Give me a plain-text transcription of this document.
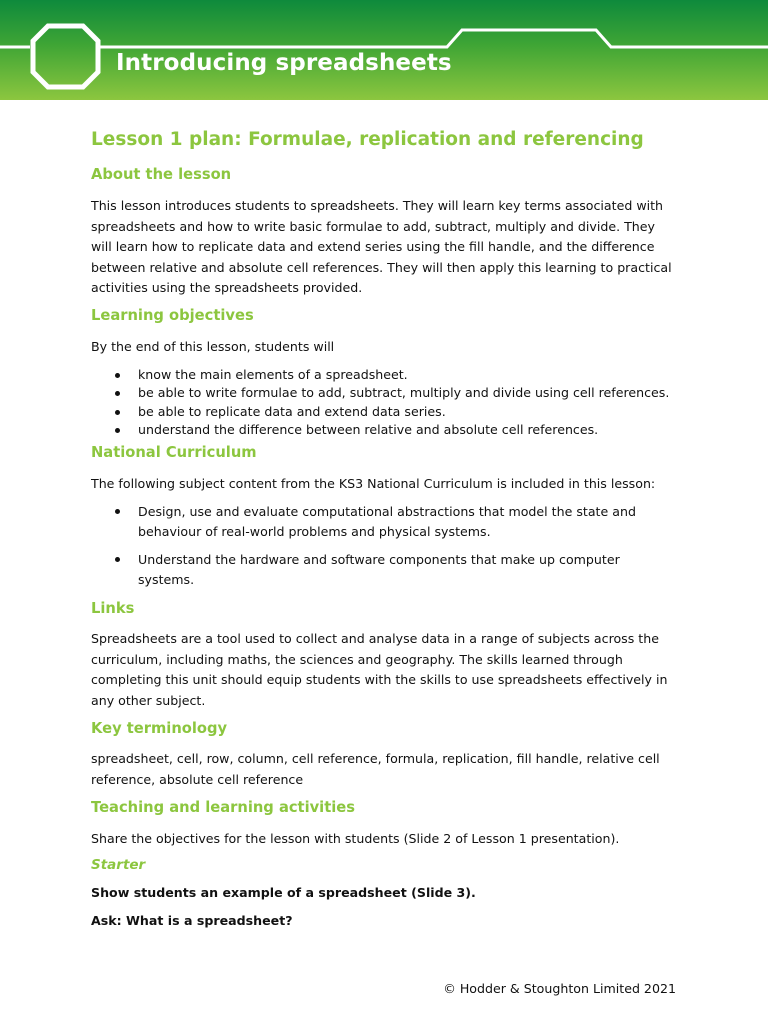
Introducing spreadsheets
Lesson 1 plan: Formulae, replication and referencing
About the lesson
This lesson introduces students to spreadsheets. They will learn key terms associated with
spreadsheets and how to write basic formulae to add, subtract, multiply and divide. They
will learn how to replicate data and extend series using the fill handle, and the difference
between relative and absolute cell references. They will then apply this learning to practical
activities using the spreadsheets provided.
Learning objectives
By the end of this lesson, students will
know the main elements of a spreadsheet.
be able to write formulae to add, subtract, multiply and divide using cell references.
be able to replicate data and extend data series.
understand the difference between relative and absolute cell references.
National Curriculum
The following subject content from the KS3 National Curriculum is included in this lesson:
Design, use and evaluate computational abstractions that model the state and
behaviour of real-world problems and physical systems.
Understand the hardware and software components that make up computer
systems.
Links
Spreadsheets are a tool used to collect and analyse data in a range of subjects across the
curriculum, including maths, the sciences and geography. The skills learned through
completing this unit should equip students with the skills to use spreadsheets effectively in
any other subject.
Key terminology
spreadsheet, cell, row, column, cell reference, formula, replication, fill handle, relative cell
reference, absolute cell reference
Teaching and learning activities
Share the objectives for the lesson with students (Slide 2 of Lesson 1 presentation).
Starter
Show students an example of a spreadsheet (Slide 3).
Ask: What is a spreadsheet?
© Hodder & Stoughton Limited 2021
